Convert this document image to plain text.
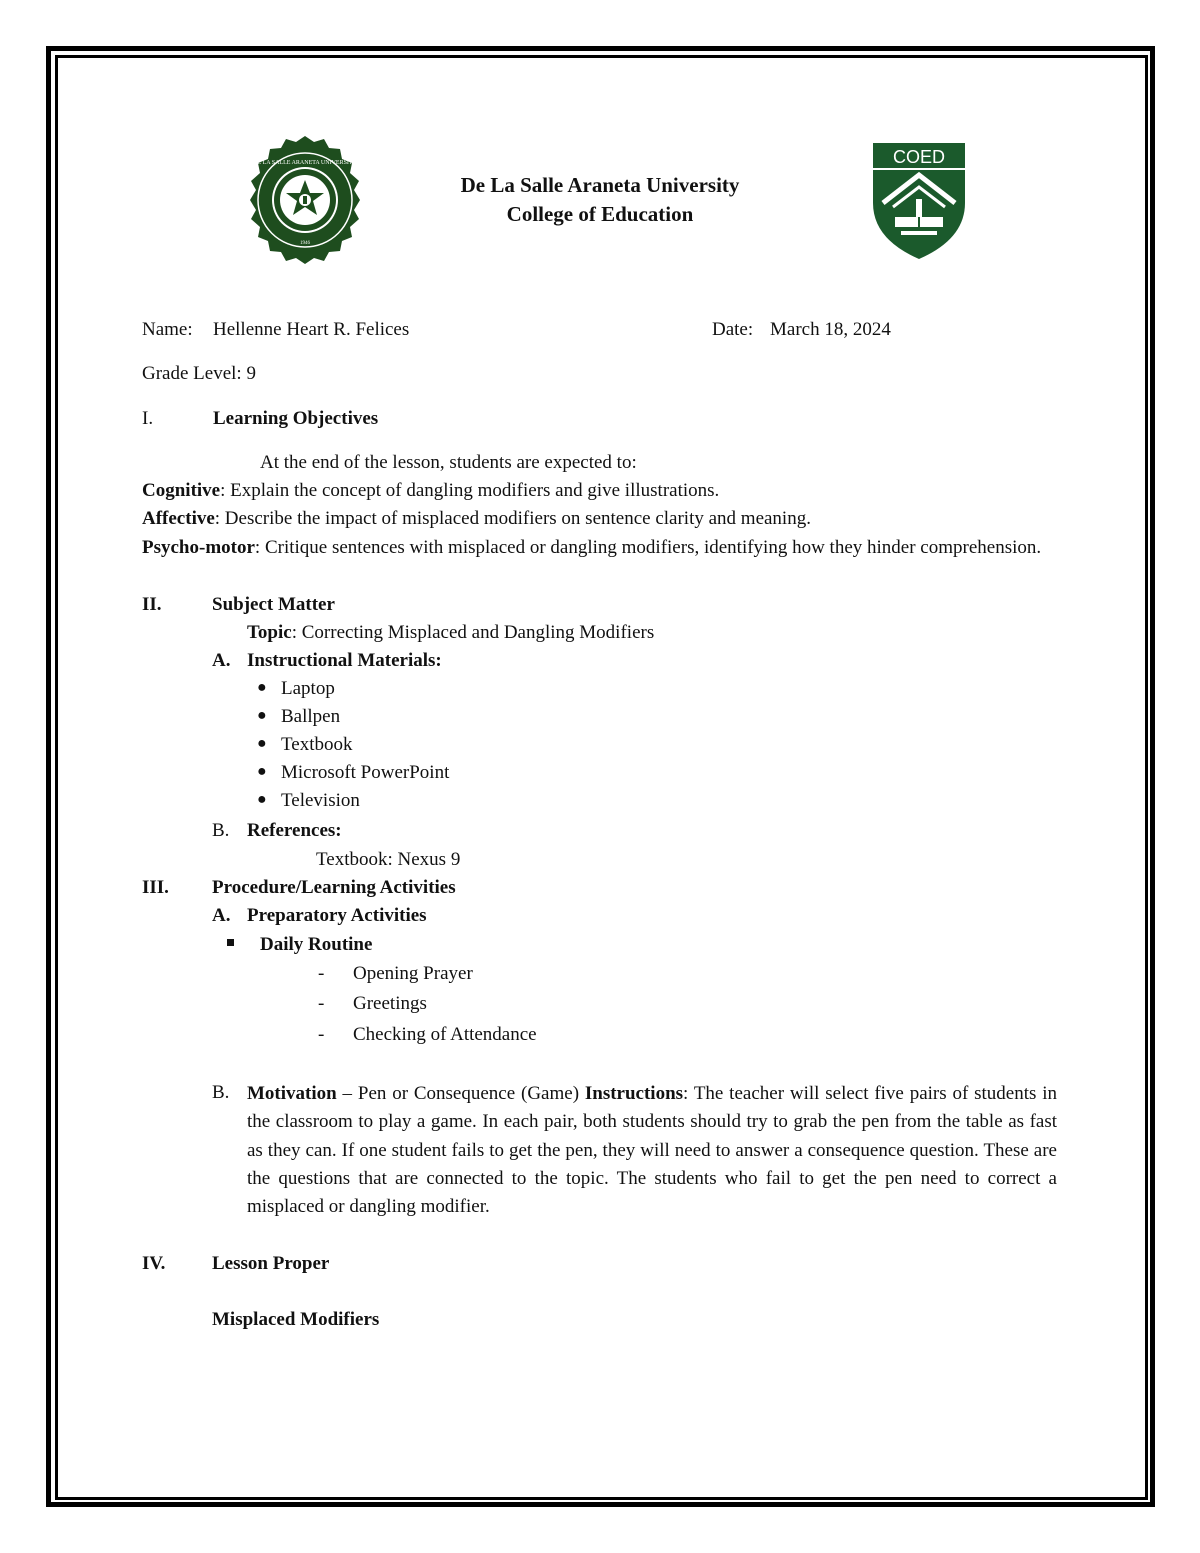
DE LA SALLE ARANETA UNIVERSITY
1946
De La Salle Araneta University
College of Education
COED
Name: Hellenne Heart R. Felices	Date: March 18, 2024
Grade Level: 9
I.	Learning Objectives
At the end of the lesson, students are expected to:
Cognitive: Explain the concept of dangling modifiers and give illustrations.
Affective: Describe the impact of misplaced modifiers on sentence clarity and meaning.
Psycho-motor: Critique sentences with misplaced or dangling modifiers, identifying how they hinder comprehension.
II.	Subject Matter
Topic: Correcting Misplaced and Dangling Modifiers
A. Instructional Materials:
● Laptop
● Ballpen
● Textbook
● Microsoft PowerPoint
● Television
B. References:
Textbook: Nexus 9
III. Procedure/Learning Activities
A. Preparatory Activities
Daily Routine
- Opening Prayer
- Greetings
- Checking of Attendance
B. Motivation – Pen or Consequence (Game) Instructions: The teacher will select five pairs of students in the classroom to play a game. In each pair, both students should try to grab the pen from the table as fast as they can. If one student fails to get the pen, they will need to answer a consequence question. These are the questions that are connected to the topic. The students who fail to get the pen need to correct a misplaced or dangling modifier.
IV. Lesson Proper
Misplaced Modifiers
